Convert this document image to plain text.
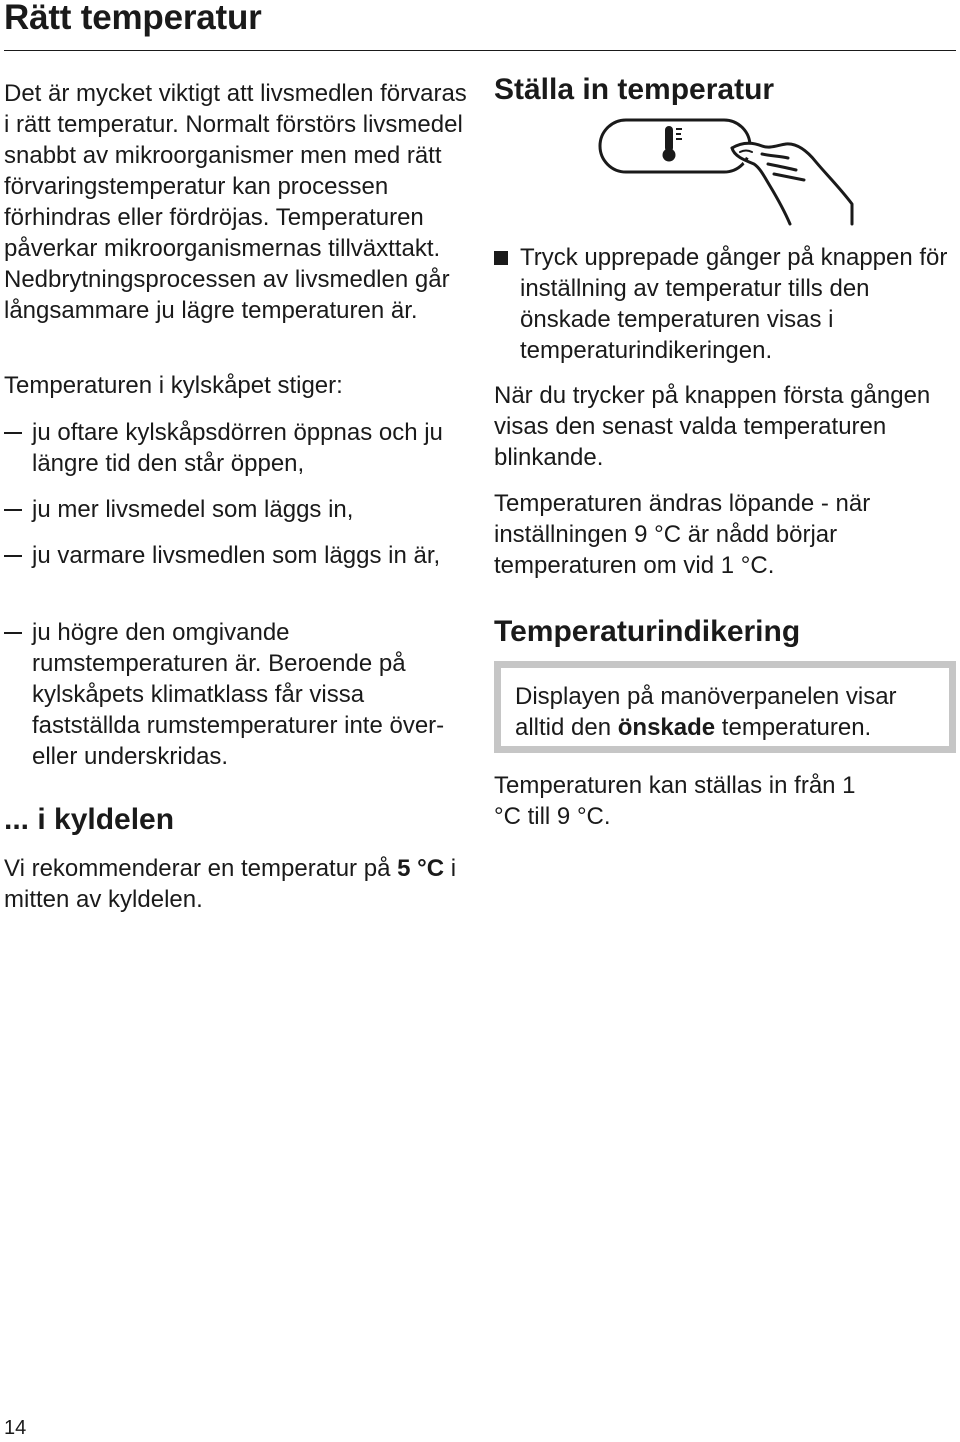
Rätt temperatur

Det är mycket viktigt att livsmedlen förvaras i rätt temperatur. Normalt förstörs livsmedel snabbt av mikroorganismer men med rätt förvaringstemperatur kan processen förhindras eller fördröjas. Temperaturen påverkar mikroorganismernas tillväxttakt. Nedbrytningsprocessen av livsmedlen går långsammare ju lägre temperaturen är.

Temperaturen i kylskåpet stiger:

ju oftare kylskåpsdörren öppnas och ju längre tid den står öppen,

ju mer livsmedel som läggs in,

ju varmare livsmedlen som läggs in är,

ju högre den omgivande rumstemperaturen är. Beroende på kylskåpets klimatklass får vissa fastställda rumstemperaturer inte över- eller underskridas.

... i kyldelen

Vi rekommenderar en temperatur på 5 °C i mitten av kyldelen.

Ställa in temperatur

Tryck upprepade gånger på knappen för inställning av temperatur tills den önskade temperaturen visas i temperaturindikeringen.

När du trycker på knappen första gången visas den senast valda temperaturen blinkande.

Temperaturen ändras löpande - när inställningen 9 °C är nådd börjar temperaturen om vid 1 °C.

Temperaturindikering

Displayen på manöverpanelen visar alltid den önskade temperaturen.

Temperaturen kan ställas in från 1 °C till 9 °C.

14
